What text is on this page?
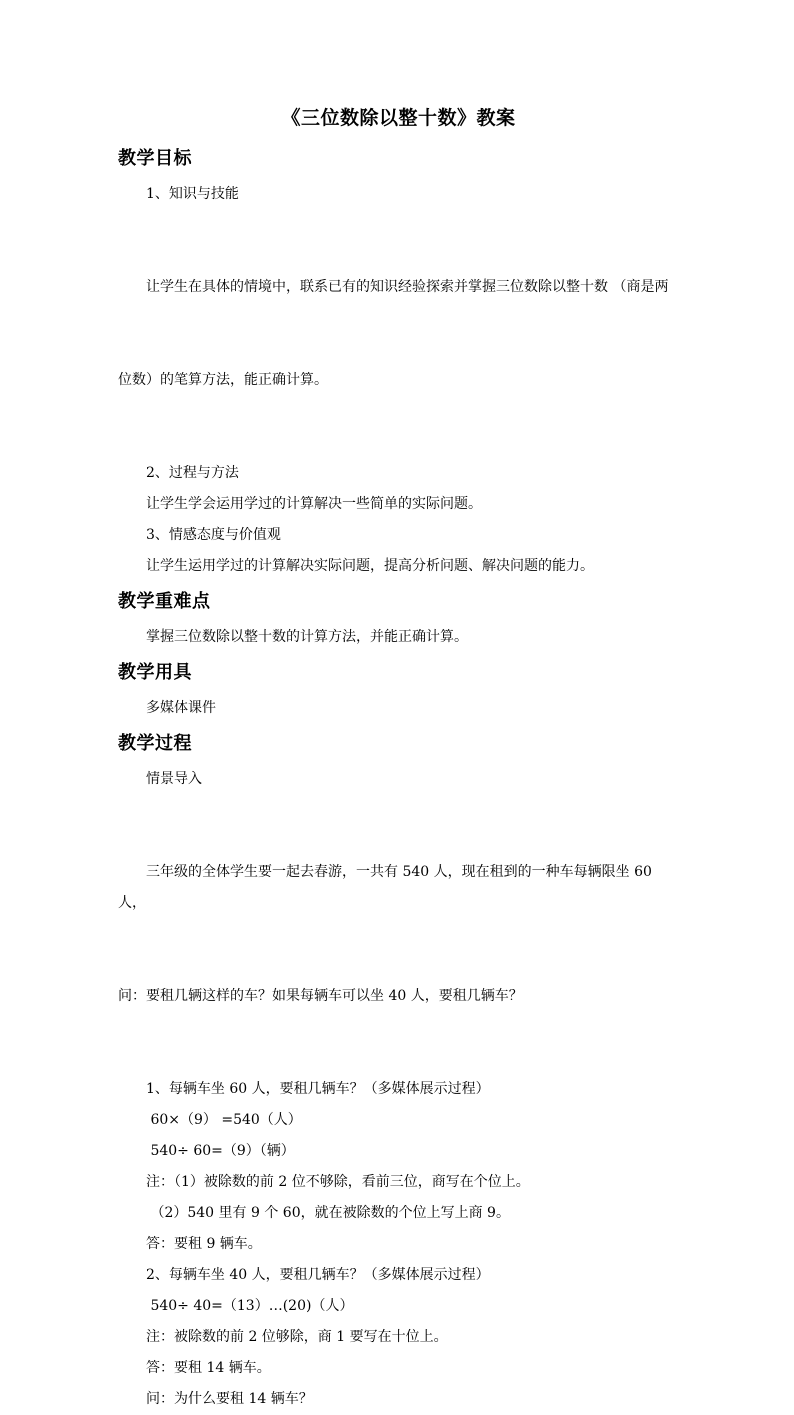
《三位数除以整十数》教案
教学目标

1、知识与技能

让学生在具体的情境中，联系已有的知识经验探索并掌握三位数除以整十数 （商是两

位数）的笔算方法，能正确计算。

2、过程与方法

让学生学会运用学过的计算解决一些简单的实际问题。

3、情感态度与价值观

让学生运用学过的计算解决实际问题，提高分析问题、解决问题的能力。

教学重难点

掌握三位数除以整十数的计算方法，并能正确计算。

教学用具

多媒体课件

教学过程

情景导入

三年级的全体学生要一起去春游，一共有 540 人，现在租到的一种车每辆限坐 60 人，

问：要租几辆这样的车？如果每辆车可以坐 40 人，要租几辆车？

1、每辆车坐 60 人，要租几辆车？（多媒体展示过程）

60×（9） =540（人）

540÷ 60=（9）（辆）

注：（1）被除数的前 2 位不够除，看前三位，商写在个位上。

（2）540 里有 9 个 60，就在被除数的个位上写上商 9。

答：要租 9 辆车。

2、每辆车坐 40 人，要租几辆车？（多媒体展示过程）

540÷ 40=（13）…(20)（人）

注：被除数的前 2 位够除，商 1 要写在十位上。

答：要租 14 辆车。

问：为什么要租 14 辆车？
